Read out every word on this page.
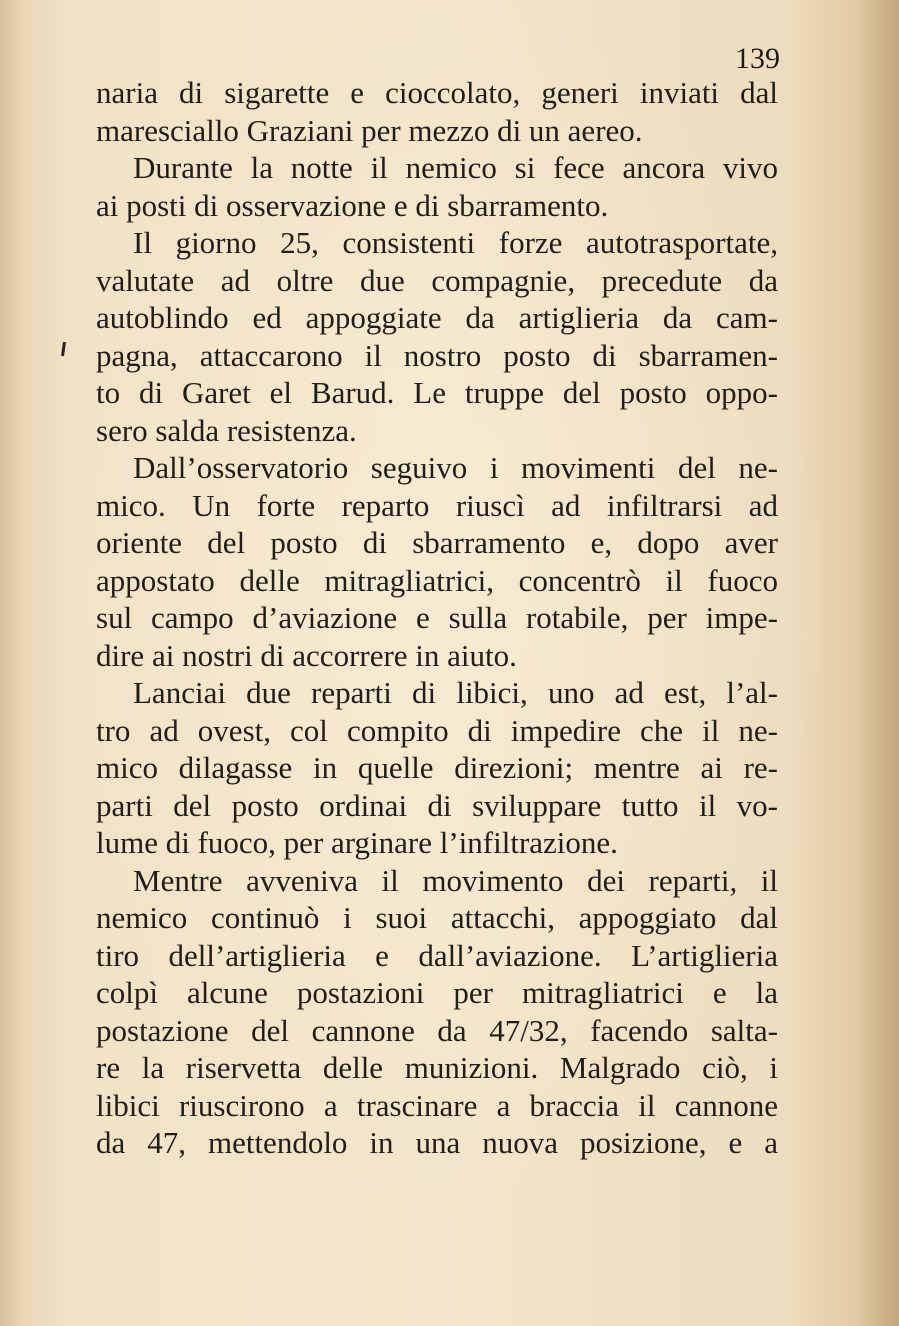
139
naria di sigarette e cioccolato, generi inviati dal
maresciallo Graziani per mezzo di un aereo.
Durante la notte il nemico si fece ancora vivo
ai posti di osservazione e di sbarramento.
Il giorno 25, consistenti forze autotrasportate,
valutate ad oltre due compagnie, precedute da
autoblindo ed appoggiate da artiglieria da cam-
pagna, attaccarono il nostro posto di sbarramen-
to di Garet el Barud. Le truppe del posto oppo-
sero salda resistenza.
Dall’osservatorio seguivo i movimenti del ne-
mico. Un forte reparto riuscì ad infiltrarsi ad
oriente del posto di sbarramento e, dopo aver
appostato delle mitragliatrici, concentrò il fuoco
sul campo d’aviazione e sulla rotabile, per impe-
dire ai nostri di accorrere in aiuto.
Lanciai due reparti di libici, uno ad est, l’al-
tro ad ovest, col compito di impedire che il ne-
mico dilagasse in quelle direzioni; mentre ai re-
parti del posto ordinai di sviluppare tutto il vo-
lume di fuoco, per arginare l’infiltrazione.
Mentre avveniva il movimento dei reparti, il
nemico continuò i suoi attacchi, appoggiato dal
tiro dell’artiglieria e dall’aviazione. L’artiglieria
colpì alcune postazioni per mitragliatrici e la
postazione del cannone da 47/32, facendo salta-
re la riservetta delle munizioni. Malgrado ciò, i
libici riuscirono a trascinare a braccia il cannone
da 47, mettendolo in una nuova posizione, e a
